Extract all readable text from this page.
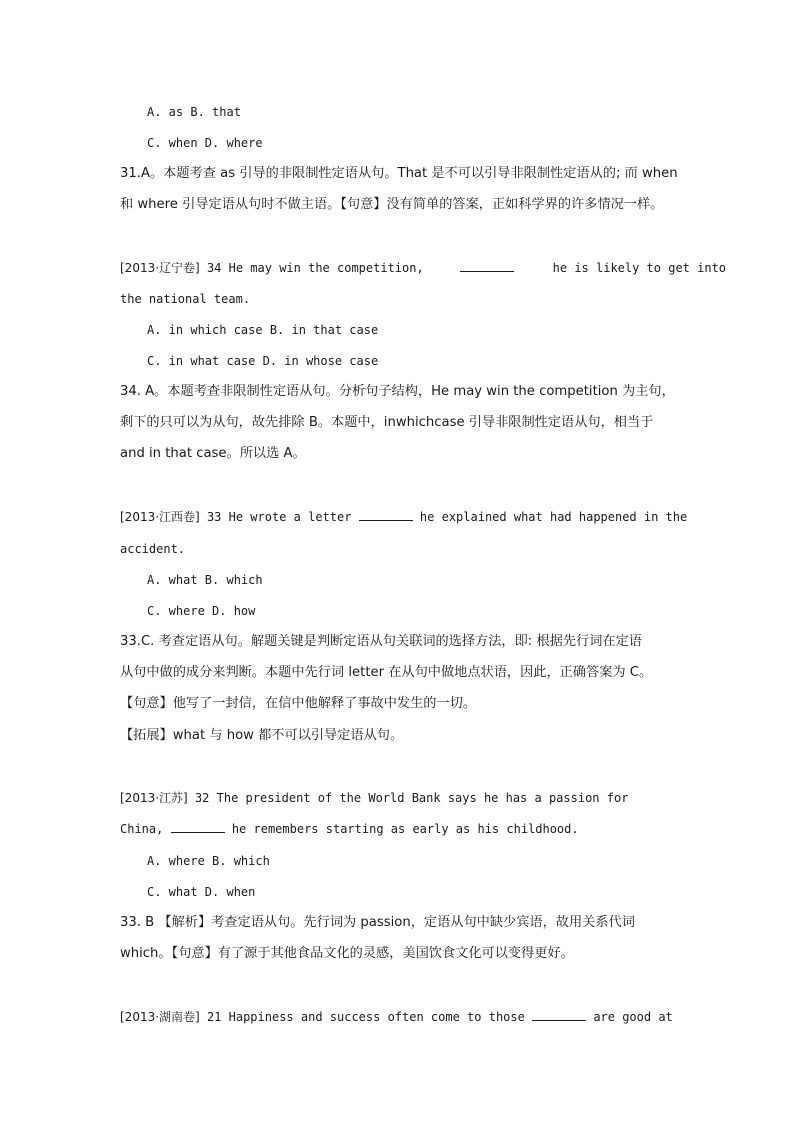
A. as B. that
C. when D. where
31.A。本题考查 as 引导的非限制性定语从句。That 是不可以引导非限制性定语从的; 而 when
和 where 引导定语从句时不做主语。【句意】没有简单的答案，正如科学界的许多情况一样。
[2013·辽宁卷] 34 He may win the competition,	he is likely to get into
the national team.
A. in which case B. in that case
C. in what case D. in whose case
34. A。本题考查非限制性定语从句。分析句子结构，He may win the competition 为主句，
剩下的只可以为从句，故先排除 B。本题中，inwhichcase 引导非限制性定语从句，相当于
and in that case。所以选 A。
[2013·江西卷] 33 He wrote a letter	he explained what had happened in the
accident.
A. what B. which
C. where D. how
33.C. 考查定语从句。解题关键是判断定语从句关联词的选择方法，即: 根据先行词在定语
从句中做的成分来判断。本题中先行词 letter 在从句中做地点状语，因此，正确答案为 C。
【句意】他写了一封信，在信中他解释了事故中发生的一切。
【拓展】what 与 how 都不可以引导定语从句。
[2013·江苏] 32 The president of the World Bank says he has a passion for
China,	he remembers starting as early as his childhood.
A. where B. which
C. what D. when
33. B 【解析】考查定语从句。先行词为 passion，定语从句中缺少宾语，故用关系代词
which。【句意】有了源于其他食品文化的灵感，美国饮食文化可以变得更好。
[2013·湖南卷] 21 Happiness and success often come to those	are good at
